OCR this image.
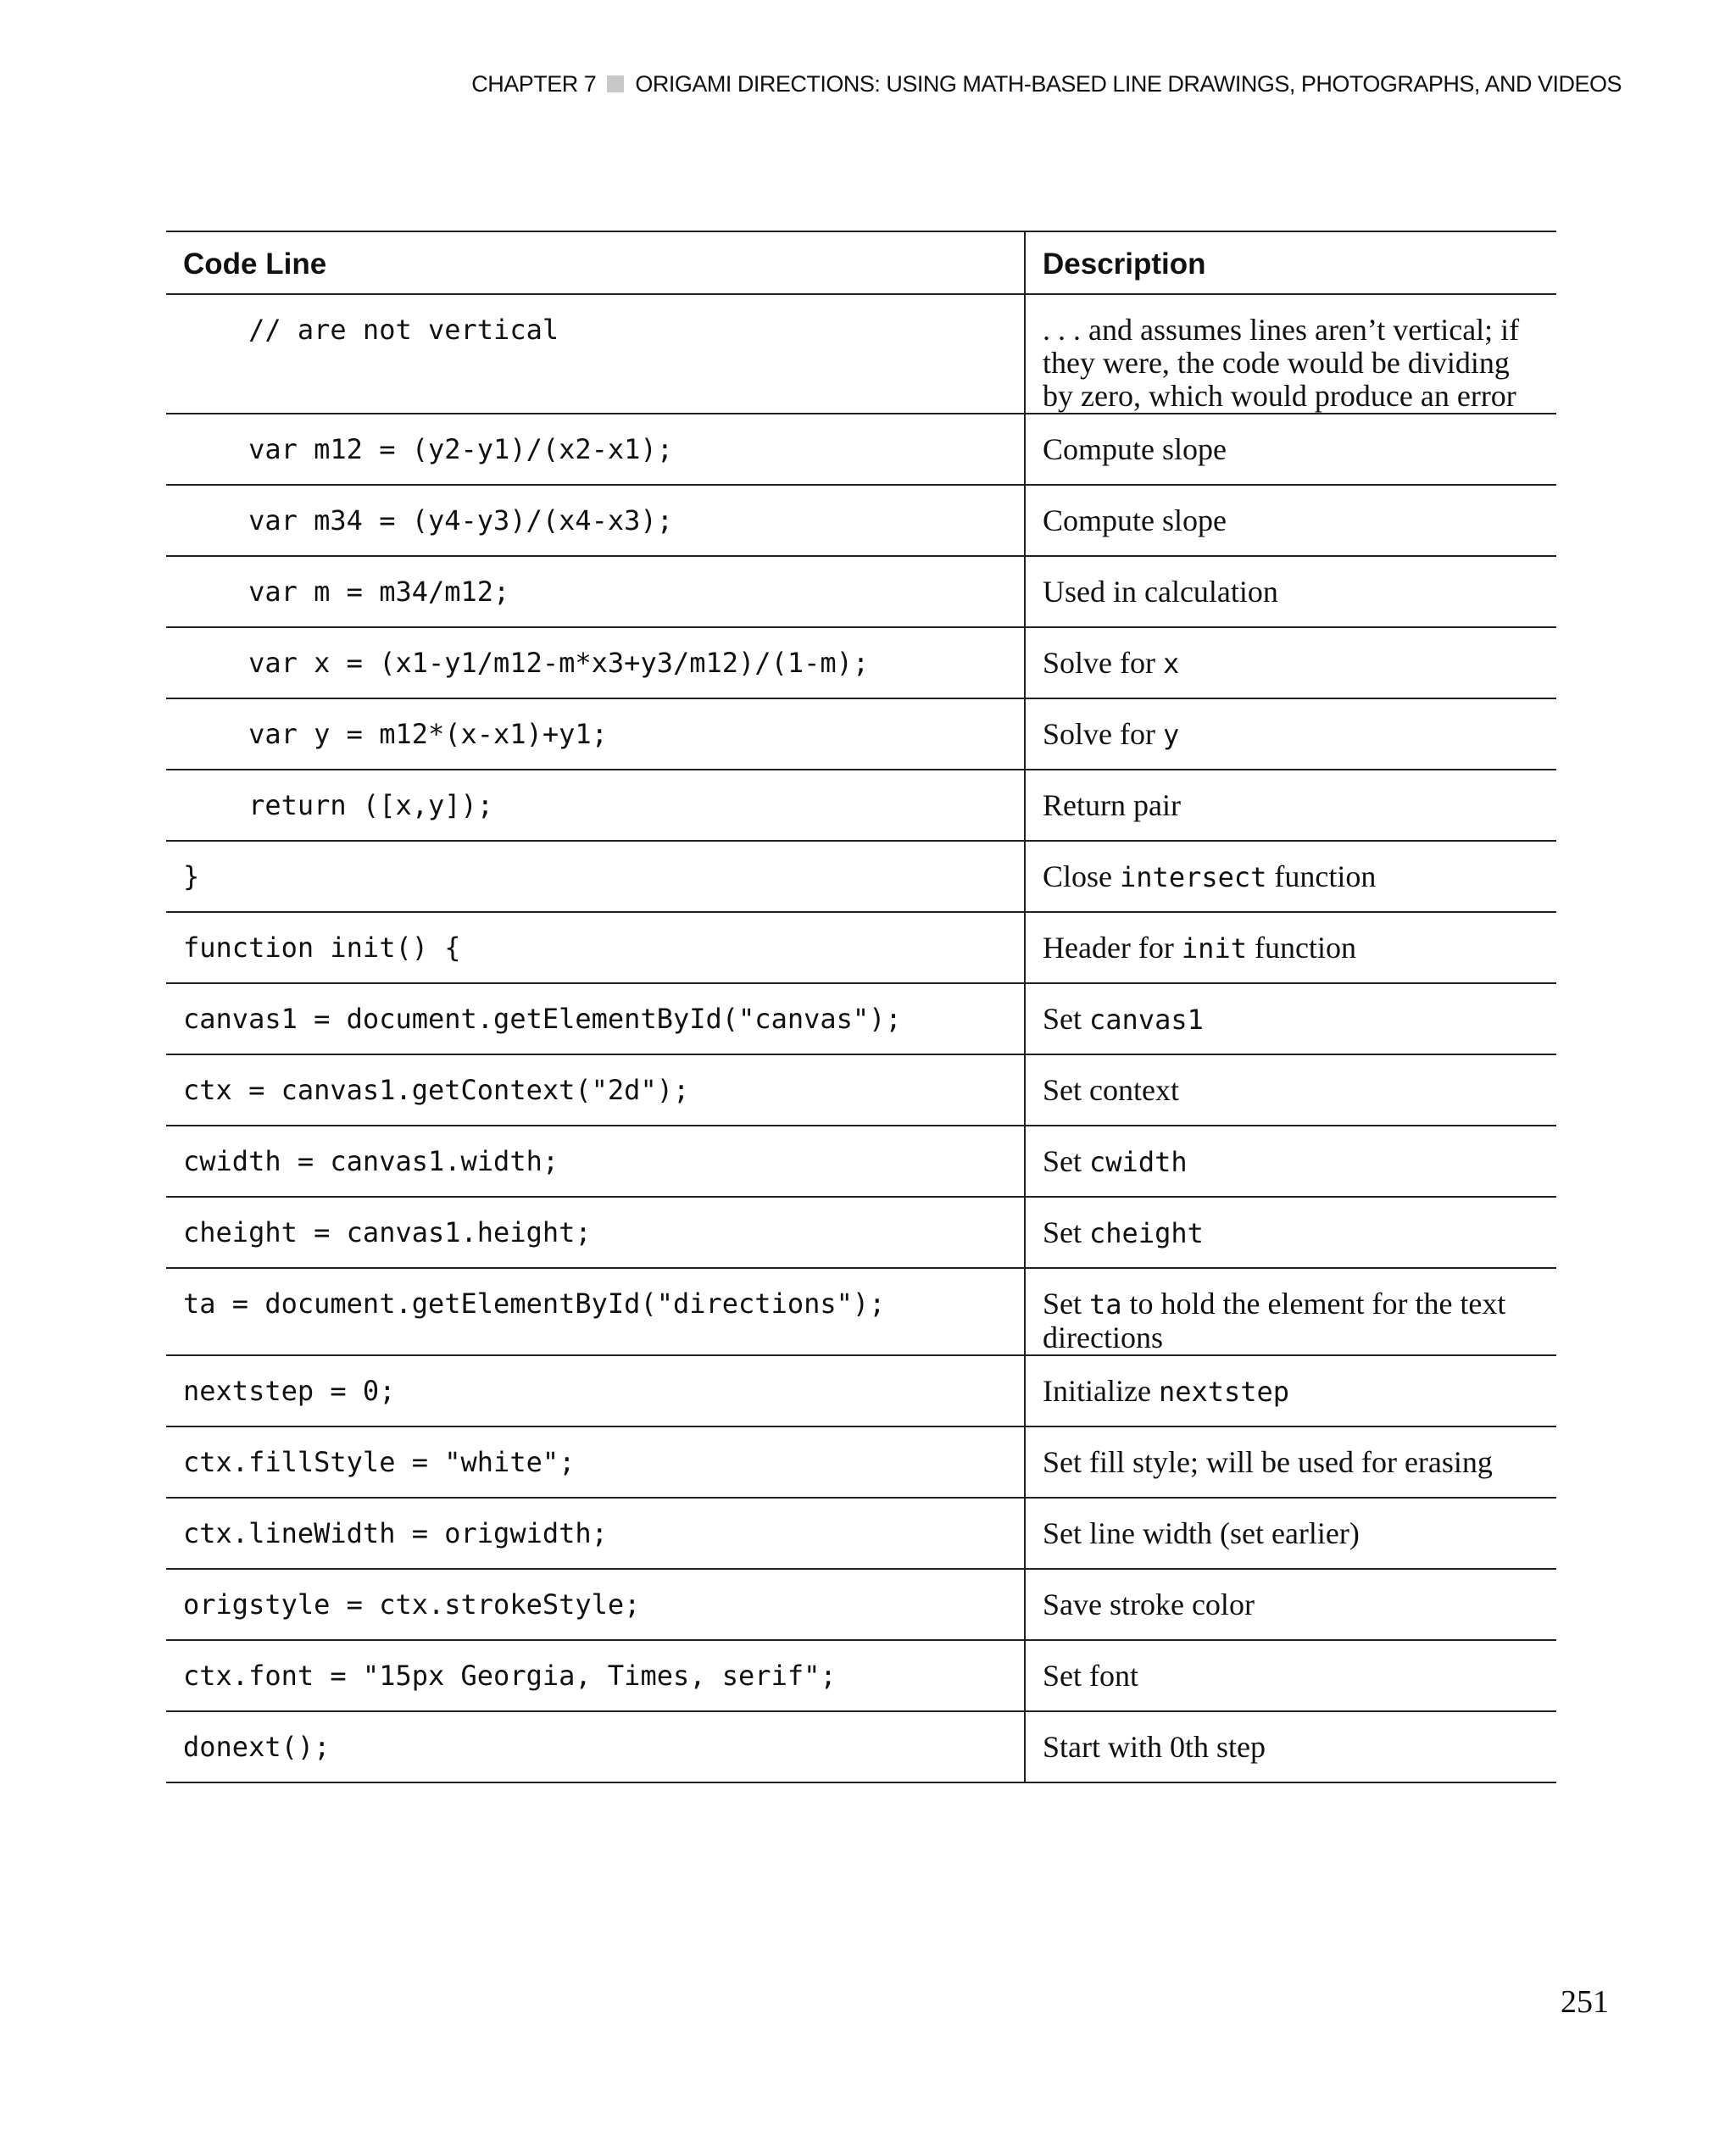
CHAPTER 7 ORIGAMI DIRECTIONS: USING MATH-BASED LINE DRAWINGS, PHOTOGRAPHS, AND VIDEOS
Code Line	Description
// are not vertical	. . . and assumes lines aren’t vertical; if they were, the code would be dividing by zero, which would produce an error
var m12 = (y2-y1)/(x2-x1);	Compute slope
var m34 = (y4-y3)/(x4-x3);	Compute slope
var m = m34/m12;	Used in calculation
var x = (x1-y1/m12-m*x3+y3/m12)/(1-m);	Solve for x
var y = m12*(x-x1)+y1;	Solve for y
return ([x,y]);	Return pair
}	Close intersect function
function init() {	Header for init function
canvas1 = document.getElementById("canvas");	Set canvas1
ctx = canvas1.getContext("2d");	Set context
cwidth = canvas1.width;	Set cwidth
cheight = canvas1.height;	Set cheight
ta = document.getElementById("directions");	Set ta to hold the element for the text directions
nextstep = 0;	Initialize nextstep
ctx.fillStyle = "white";	Set fill style; will be used for erasing
ctx.lineWidth = origwidth;	Set line width (set earlier)
origstyle = ctx.strokeStyle;	Save stroke color
ctx.font = "15px Georgia, Times, serif";	Set font
donext();	Start with 0th step
251
